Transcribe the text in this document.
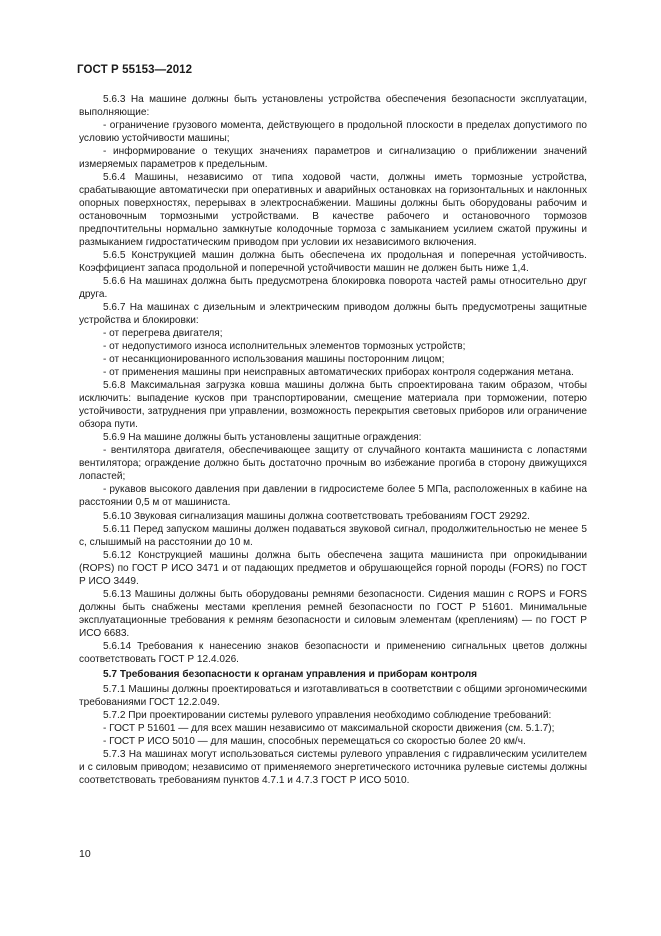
ГОСТ Р 55153—2012

5.6.3 На машине должны быть установлены устройства обеспечения безопасности эксплуатации, выполняющие:

- ограничение грузового момента, действующего в продольной плоскости в пределах допустимого по условию устойчивости машины;

- информирование о текущих значениях параметров и сигнализацию о приближении значений измеряемых параметров к предельным.

5.6.4 Машины, независимо от типа ходовой части, должны иметь тормозные устройства, срабатывающие автоматически при оперативных и аварийных остановках на горизонтальных и наклонных опорных поверхностях, перерывах в электроснабжении. Машины должны быть оборудованы рабочим и остановочным тормозными устройствами. В качестве рабочего и остановочного тормозов предпочтительны нормально замкнутые колодочные тормоза с замыканием усилием сжатой пружины и размыканием гидростатическим приводом при условии их независимого включения.

5.6.5 Конструкцией машин должна быть обеспечена их продольная и поперечная устойчивость. Коэффициент запаса продольной и поперечной устойчивости машин не должен быть ниже 1,4.

5.6.6 На машинах должна быть предусмотрена блокировка поворота частей рамы относительно друг друга.

5.6.7 На машинах с дизельным и электрическим приводом должны быть предусмотрены защитные устройства и блокировки:

- от перегрева двигателя;

- от недопустимого износа исполнительных элементов тормозных устройств;

- от несанкционированного использования машины посторонним лицом;

- от применения машины при неисправных автоматических приборах контроля содержания метана.

5.6.8 Максимальная загрузка ковша машины должна быть спроектирована таким образом, чтобы исключить: выпадение кусков при транспортировании, смещение материала при торможении, потерю устойчивости, затруднения при управлении, возможность перекрытия световых приборов или ограничение обзора пути.

5.6.9 На машине должны быть установлены защитные ограждения:

- вентилятора двигателя, обеспечивающее защиту от случайного контакта машиниста с лопастями вентилятора; ограждение должно быть достаточно прочным во избежание прогиба в сторону движущихся лопастей;

- рукавов высокого давления при давлении в гидросистеме более 5 МПа, расположенных в кабине на расстоянии 0,5 м от машиниста.

5.6.10 Звуковая сигнализация машины должна соответствовать требованиям ГОСТ 29292.

5.6.11 Перед запуском машины должен подаваться звуковой сигнал, продолжительностью не менее 5 с, слышимый на расстоянии до 10 м.

5.6.12 Конструкцией машины должна быть обеспечена защита машиниста при опрокидывании (ROPS) по ГОСТ Р ИСО 3471 и от падающих предметов и обрушающейся горной породы (FORS) по ГОСТ Р ИСО 3449.

5.6.13 Машины должны быть оборудованы ремнями безопасности. Сидения машин с ROPS и FORS должны быть снабжены местами крепления ремней безопасности по ГОСТ Р 51601. Минимальные эксплуатационные требования к ремням безопасности и силовым элементам (креплениям) — по ГОСТ Р ИСО 6683.

5.6.14 Требования к нанесению знаков безопасности и применению сигнальных цветов должны соответствовать ГОСТ Р 12.4.026.

5.7 Требования безопасности к органам управления и приборам контроля

5.7.1 Машины должны проектироваться и изготавливаться в соответствии с общими эргономическими требованиями ГОСТ 12.2.049.

5.7.2 При проектировании системы рулевого управления необходимо соблюдение требований:

- ГОСТ Р 51601 — для всех машин независимо от максимальной скорости движения (см. 5.1.7);

- ГОСТ Р ИСО 5010 — для машин, способных перемещаться со скоростью более 20 км/ч.

5.7.3 На машинах могут использоваться системы рулевого управления с гидравлическим усилителем и с силовым приводом; независимо от применяемого энергетического источника рулевые системы должны соответствовать требованиям пунктов 4.7.1 и 4.7.3 ГОСТ Р ИСО 5010.

10
